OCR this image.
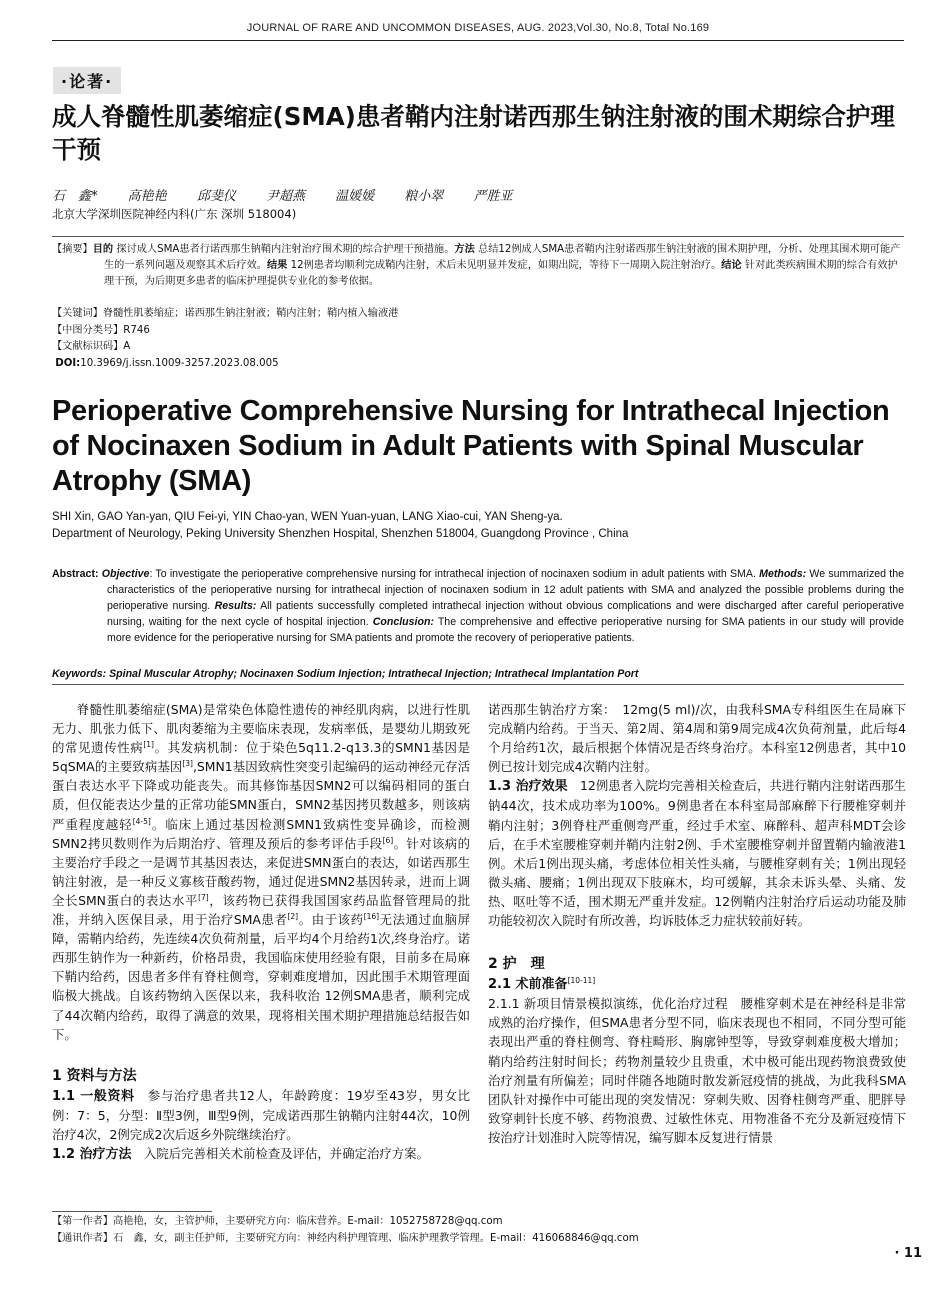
JOURNAL OF RARE AND UNCOMMON DISEASES, AUG. 2023,Vol.30, No.8, Total No.169
·论著·
成人脊髓性肌萎缩症(SMA)患者鞘内注射诺西那生钠注射液的围术期综合护理干预
石　鑫* 高艳艳 邱斐仪 尹超燕 温媛媛 粮小翠 严胜亚
北京大学深圳医院神经内科(广东 深圳 518004)
【摘要】目的 探讨成人SMA患者行诺西那生钠鞘内注射治疗围术期的综合护理干预措施。方法 总结12例成人SMA患者鞘内注射诺西那生钠注射液的围术期护理，分析、处理其围术期可能产生的一系列问题及观察其术后疗效。结果 12例患者均顺利完成鞘内注射，术后未见明显并发症，如期出院，等待下一周期入院注射治疗。结论 针对此类疾病围术期的综合有效护理干预，为后期更多患者的临床护理提供专业化的参考依据。
【关键词】脊髓性肌萎缩症；诺西那生钠注射液；鞘内注射；鞘内植入输液港
【中图分类号】R746
【文献标识码】A
DOI:10.3969/j.issn.1009-3257.2023.08.005
Perioperative Comprehensive Nursing for Intrathecal Injection of Nocinaxen Sodium in Adult Patients with Spinal Muscular Atrophy (SMA)
SHI Xin, GAO Yan-yan, QIU Fei-yi, YIN Chao-yan, WEN Yuan-yuan, LANG Xiao-cui, YAN Sheng-ya.
Department of Neurology, Peking University Shenzhen Hospital, Shenzhen 518004, Guangdong Province , China
Abstract: Objective: To investigate the perioperative comprehensive nursing for intrathecal injection of nocinaxen sodium in adult patients with SMA. Methods: We summarized the characteristics of the perioperative nursing for intrathecal injection of nocinaxen sodium in 12 adult patients with SMA and analyzed the possible problems during the perioperative nursing. Results: All patients successfully completed intrathecal injection without obvious complications and were discharged after careful perioperative nursing, waiting for the next cycle of hospital injection. Conclusion: The comprehensive and effective perioperative nursing for SMA patients in our study will provide more evidence for the perioperative nursing for SMA patients and promote the recovery of perioperative patients.
Keywords: Spinal Muscular Atrophy; Nocinaxen Sodium Injection; Intrathecal Injection; Intrathecal Implantation Port

脊髓性肌萎缩症(SMA)是常染色体隐性遗传的神经肌肉病，以进行性肌无力、肌张力低下、肌肉萎缩为主要临床表现，发病率低，是婴幼儿期致死的常见遗传性病[1]。其发病机制：位于染色5q11.2-q13.3的SMN1基因是5qSMA的主要致病基因[3],SMN1基因致病性突变引起编码的运动神经元存活蛋白表达水平下降或功能丧失。而其修饰基因SMN2可以编码相同的蛋白质，但仅能表达少量的正常功能SMN蛋白，SMN2基因拷贝数越多，则该病严重程度越轻[4-5]。临床上通过基因检测SMN1致病性变异确诊，而检测SMN2拷贝数则作为后期治疗、管理及预后的参考评估手段[6]。针对该病的主要治疗手段之一是调节其基因表达，来促进SMN蛋白的表达，如诺西那生钠注射液，是一种反义寡核苷酸药物，通过促进SMN2基因转录，进而上调全长SMN蛋白的表达水平[7]，该药物已获得我国国家药品监督管理局的批准，并纳入医保目录，用于治疗SMA患者[2]。由于该药[16]无法通过血脑屏障，需鞘内给药，先连续4次负荷剂量，后平均4个月给药1次,终身治疗。诺西那生钠作为一种新药，价格昂贵，我国临床使用经验有限，目前多在局麻下鞘内给药，因患者多伴有脊柱侧弯，穿刺难度增加，因此围手术期管理面临极大挑战。自该药物纳入医保以来，我科收治 12例SMA患者，顺利完成了44次鞘内给药，取得了满意的效果，现将相关围术期护理措施总结报告如下。

1 资料与方法

1.1 一般资料　参与治疗患者共12人，年龄跨度：19岁至43岁，男女比例：7：5，分型：Ⅱ型3例，Ⅲ型9例，完成诺西那生钠鞘内注射44次，10例治疗4次，2例完成2次后返乡外院继续治疗。

1.2 治疗方法　入院后完善相关术前检查及评估，并确定治疗方案。

诺西那生钠治疗方案：　12mg(5 ml)/次，由我科SMA专科组医生在局麻下完成鞘内给药。于当天、第2周、第4周和第9周完成4次负荷剂量，此后每4个月给药1次，最后根据个体情况是否终身治疗。本科室12例患者，其中10例已按计划完成4次鞘内注射。

1.3 治疗效果　12例患者入院均完善相关检查后，共进行鞘内注射诺西那生钠44次，技术成功率为100%。9例患者在本科室局部麻醉下行腰椎穿刺并鞘内注射；3例脊柱严重侧弯严重，经过手术室、麻醉科、超声科MDT会诊后，在手术室腰椎穿刺并鞘内注射2例、手术室腰椎穿刺并留置鞘内输液港1例。术后1例出现头痛，考虑体位相关性头痛，与腰椎穿刺有关；1例出现轻微头痛、腰痛；1例出现双下肢麻木，均可缓解，其余未诉头晕、头痛、发热、呕吐等不适，围术期无严重并发症。12例鞘内注射治疗后运动功能及肺功能较初次入院时有所改善，均诉肢体乏力症状较前好转。

2 护　理
2.1 术前准备[10-11]

2.1.1 新项目情景模拟演练，优化治疗过程　腰椎穿刺术是在神经科是非常成熟的治疗操作，但SMA患者分型不同，临床表现也不相同，不同分型可能表现出严重的脊柱侧弯、脊柱畸形、胸廓钟型等，导致穿刺难度极大增加；鞘内给药注射时间长；药物剂量较少且贵重，术中极可能出现药物浪费致使治疗剂量有所偏差；同时伴随各地随时散发新冠疫情的挑战，为此我科SMA团队针对操作中可能出现的突发情况：穿刺失败、因脊柱侧弯严重、肥胖导致穿刺针长度不够、药物浪费、过敏性休克、用物准备不充分及新冠疫情下按治疗计划准时入院等情况，编写脚本反复进行情景

【第一作者】高艳艳，女，主管护师，主要研究方向：临床营养。E-mail：1052758728@qq.com
【通讯作者】石　鑫，女，副主任护师，主要研究方向：神经内科护理管理、临床护理教学管理。E-mail：416068846@qq.com
· 11
